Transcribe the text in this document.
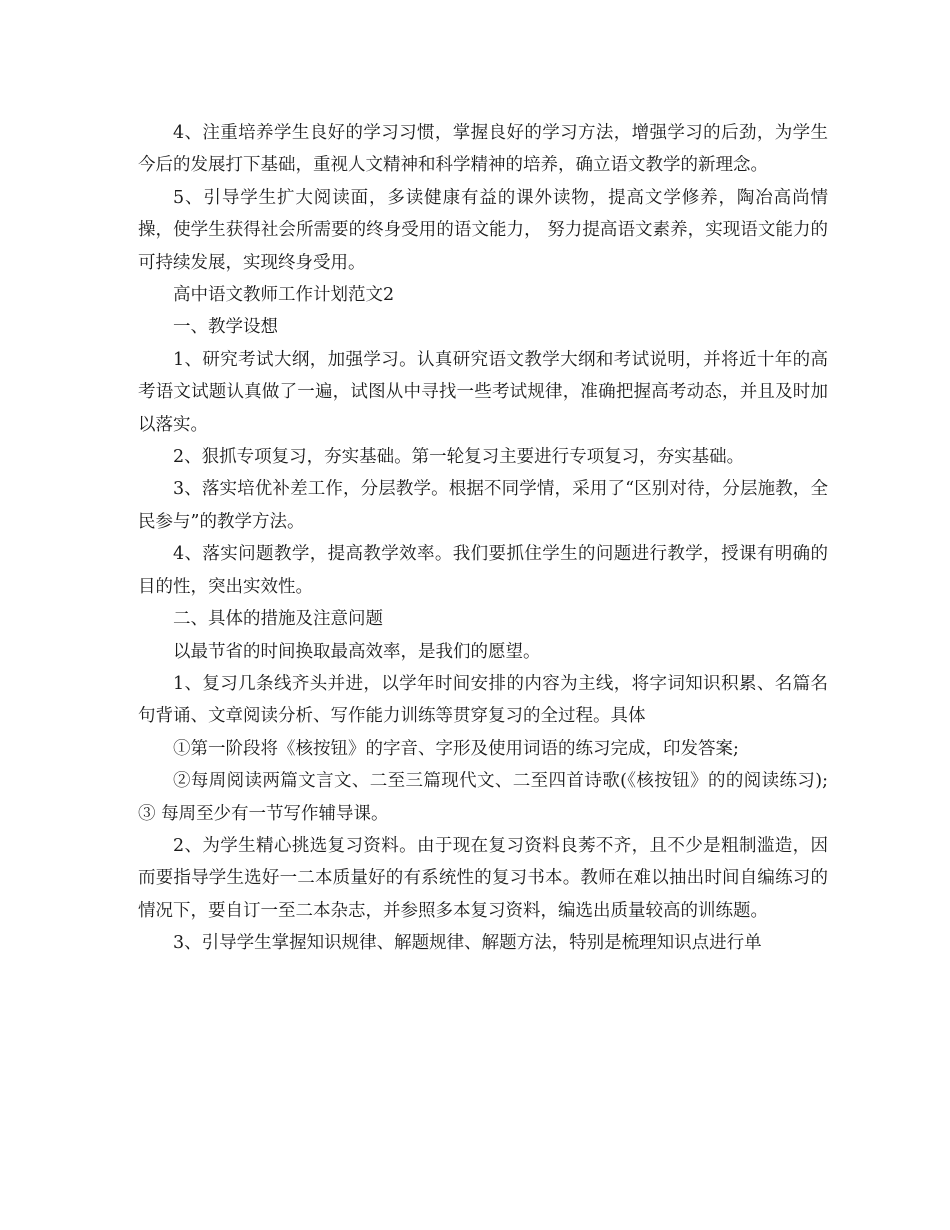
4、注重培养学生良好的学习习惯，掌握良好的学习方法，增强学习的后劲，为学生今后的发展打下基础，重视人文精神和科学精神的培养，确立语文教学的新理念。

5、引导学生扩大阅读面，多读健康有益的课外读物，提高文学修养，陶冶高尚情操，使学生获得社会所需要的终身受用的语文能力， 努力提高语文素养，实现语文能力的可持续发展，实现终身受用。

高中语文教师工作计划范文2

一、教学设想

1、研究考试大纲，加强学习。认真研究语文教学大纲和考试说明，并将近十年的高考语文试题认真做了一遍，试图从中寻找一些考试规律，准确把握高考动态，并且及时加以落实。

2、狠抓专项复习，夯实基础。第一轮复习主要进行专项复习，夯实基础。

3、落实培优补差工作，分层教学。根据不同学情，采用了“区别对待，分层施教，全民参与”的教学方法。

4、落实问题教学，提高教学效率。我们要抓住学生的问题进行教学，授课有明确的目的性，突出实效性。

二、具体的措施及注意问题

以最节省的时间换取最高效率，是我们的愿望。

1、复习几条线齐头并进，以学年时间安排的内容为主线，将字词知识积累、名篇名句背诵、文章阅读分析、写作能力训练等贯穿复习的全过程。具体

①第一阶段将《核按钮》的字音、字形及使用词语的练习完成，印发答案;

②每周阅读两篇文言文、二至三篇现代文、二至四首诗歌(《核按钮》的的阅读练习);③ 每周至少有一节写作辅导课。

2、为学生精心挑选复习资料。由于现在复习资料良莠不齐，且不少是粗制滥造，因而要指导学生选好一二本质量好的有系统性的复习书本。教师在难以抽出时间自编练习的情况下，要自订一至二本杂志，并参照多本复习资料，编选出质量较高的训练题。

3、引导学生掌握知识规律、解题规律、解题方法，特别是梳理知识点进行单
